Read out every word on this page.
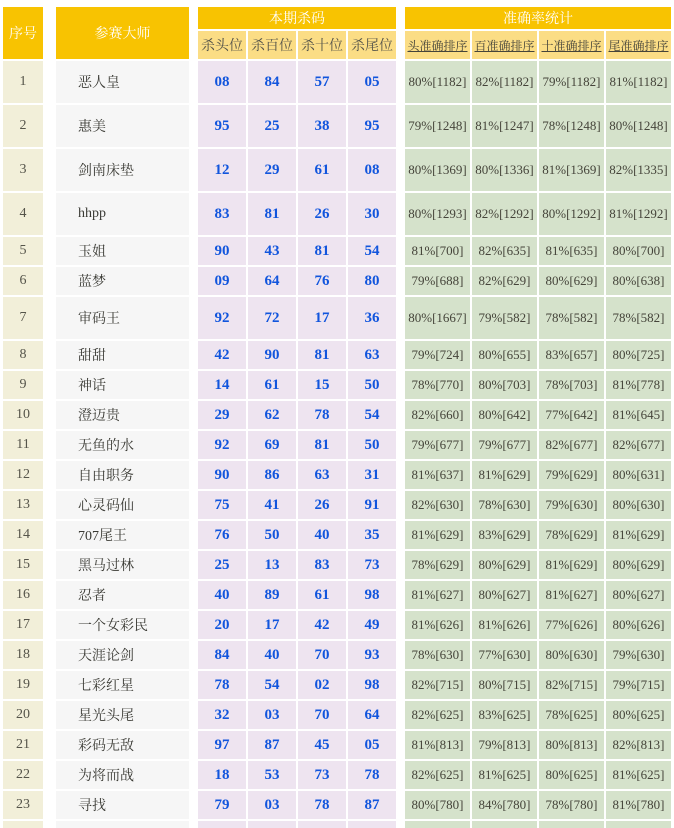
序号		参赛大师		本期杀码					准确率统计			
				杀头位	杀百位	杀十位	杀尾位		头准确排序	百准确排序	十准确排序	尾准确排序
1		恶人皇		08	84	57	05		80%[1182]	82%[1182]	79%[1182]	81%[1182]
2		惠美		95	25	38	95		79%[1248]	81%[1247]	78%[1248]	80%[1248]
3		剑南床垫		12	29	61	08		80%[1369]	80%[1336]	81%[1369]	82%[1335]
4		hhpp		83	81	26	30		80%[1293]	82%[1292]	80%[1292]	81%[1292]
5		玉姐		90	43	81	54		81%[700]	82%[635]	81%[635]	80%[700]
6		蓝梦		09	64	76	80		79%[688]	82%[629]	80%[629]	80%[638]
7		审码王		92	72	17	36		80%[1667]	79%[582]	78%[582]	78%[582]
8		甜甜		42	90	81	63		79%[724]	80%[655]	83%[657]	80%[725]
9		神话		14	61	15	50		78%[770]	80%[703]	78%[703]	81%[778]
10		澄迈贵		29	62	78	54		82%[660]	80%[642]	77%[642]	81%[645]
11		无鱼的水		92	69	81	50		79%[677]	79%[677]	82%[677]	82%[677]
12		自由职务		90	86	63	31		81%[637]	81%[629]	79%[629]	80%[631]
13		心灵码仙		75	41	26	91		82%[630]	78%[630]	79%[630]	80%[630]
14		707尾王		76	50	40	35		81%[629]	83%[629]	78%[629]	81%[629]
15		黑马过林		25	13	83	73		78%[629]	80%[629]	81%[629]	80%[629]
16		忍者		40	89	61	98		81%[627]	80%[627]	81%[627]	80%[627]
17		一个女彩民		20	17	42	49		81%[626]	81%[626]	77%[626]	80%[626]
18		天涯论剑		84	40	70	93		78%[630]	77%[630]	80%[630]	79%[630]
19		七彩红星		78	54	02	98		82%[715]	80%[715]	82%[715]	79%[715]
20		星光头尾		32	03	70	64		82%[625]	83%[625]	78%[625]	80%[625]
21		彩码无敌		97	87	45	05		81%[813]	79%[813]	80%[813]	82%[813]
22		为将而战		18	53	73	78		82%[625]	81%[625]	80%[625]	81%[625]
23		寻找		79	03	78	87		80%[780]	84%[780]	78%[780]	81%[780]
